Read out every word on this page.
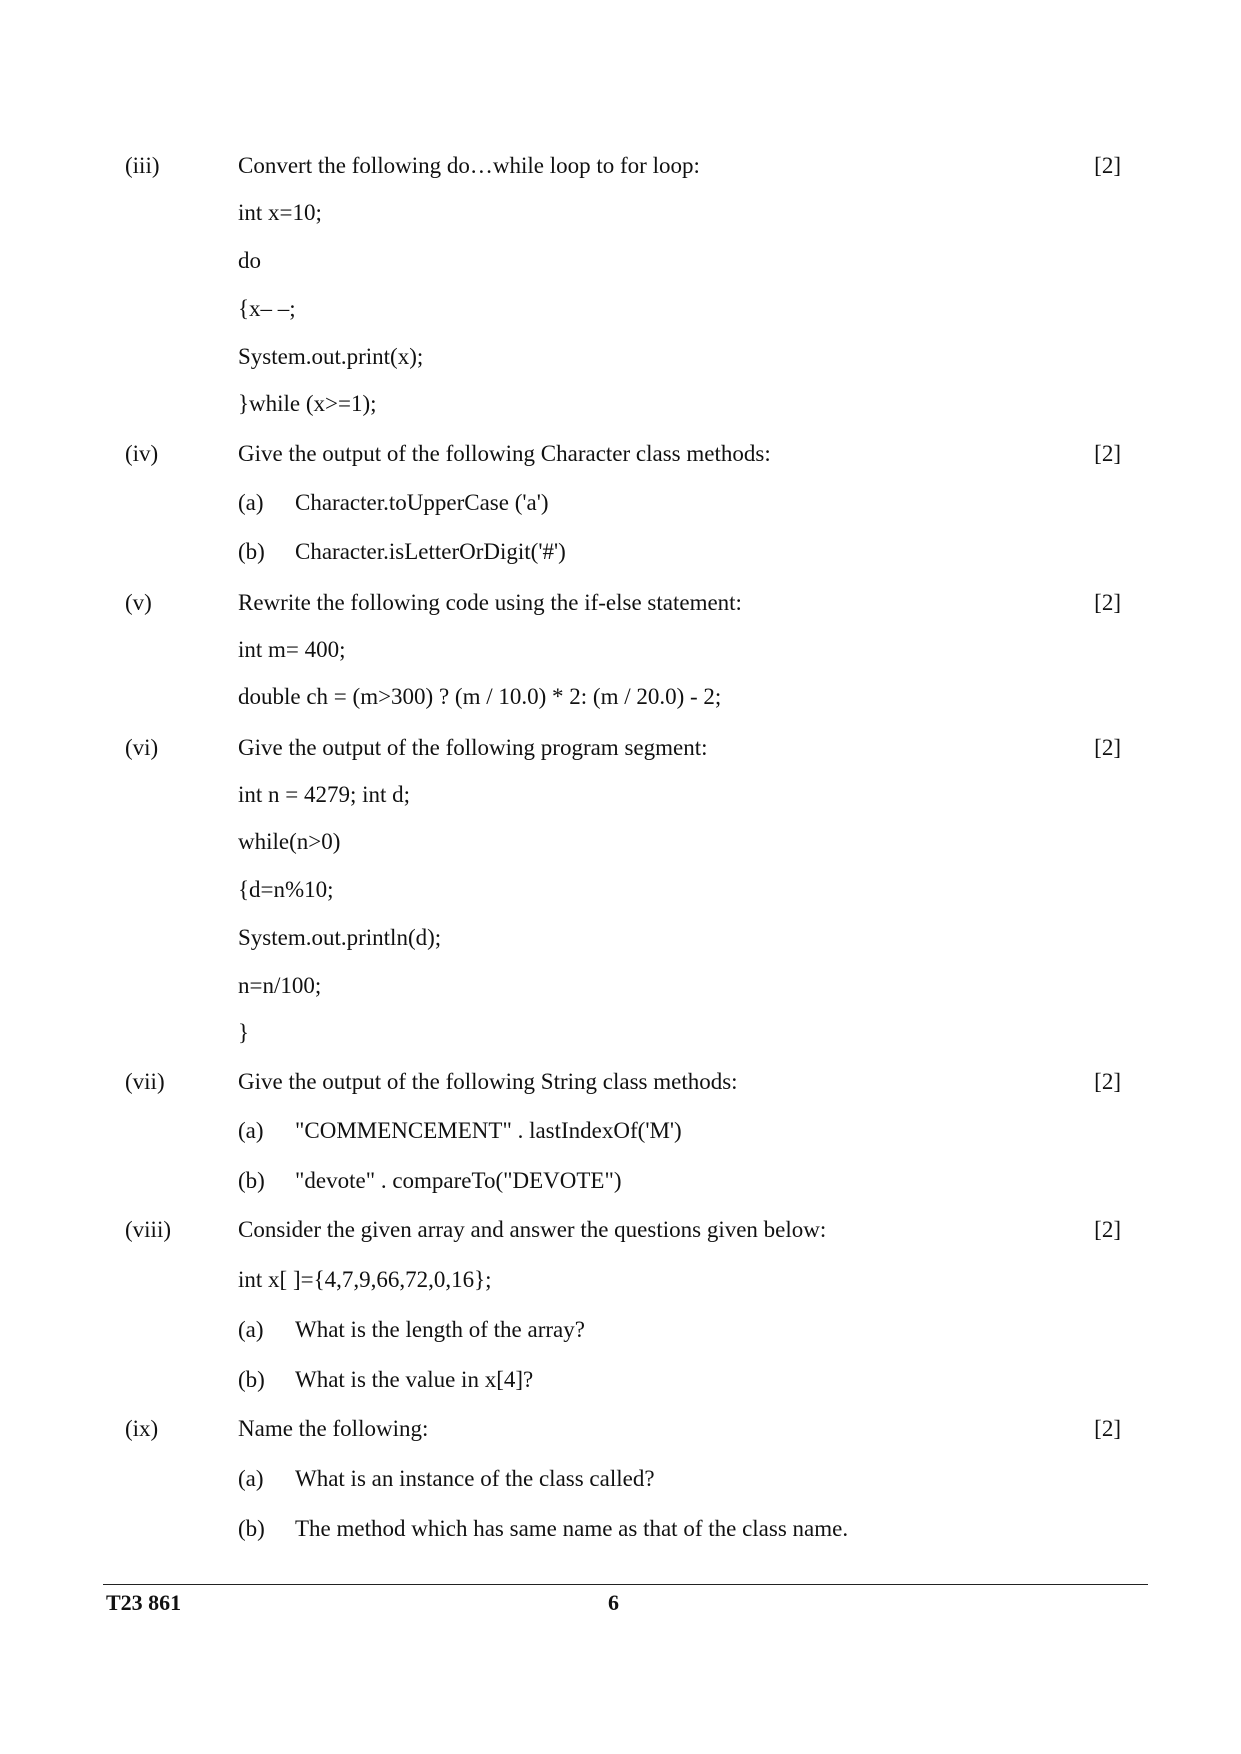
(iii)	Convert the following do…while loop to for loop:	[2]
int x=10;
do
{x– –;
System.out.print(x);
}while (x>=1);
(iv)	Give the output of the following Character class methods:	[2]
(a) Character.toUpperCase ('a')
(b) Character.isLetterOrDigit('#')
(v)	Rewrite the following code using the if-else statement:	[2]
int m= 400;
double ch = (m>300) ? (m / 10.0) * 2: (m / 20.0) - 2;
(vi)	Give the output of the following program segment:	[2]
int n = 4279; int d;
while(n>0)
{d=n%10;
System.out.println(d);
n=n/100;
}
(vii)	Give the output of the following String class methods:	[2]
(a) "COMMENCEMENT" . lastIndexOf('M')
(b) "devote" . compareTo("DEVOTE")
(viii)	Consider the given array and answer the questions given below:	[2]
int x[ ]={4,7,9,66,72,0,16};
(a) What is the length of the array?
(b) What is the value in x[4]?
(ix)	Name the following:	[2]
(a) What is an instance of the class called?
(b) The method which has same name as that of the class name.
T23 861	6
